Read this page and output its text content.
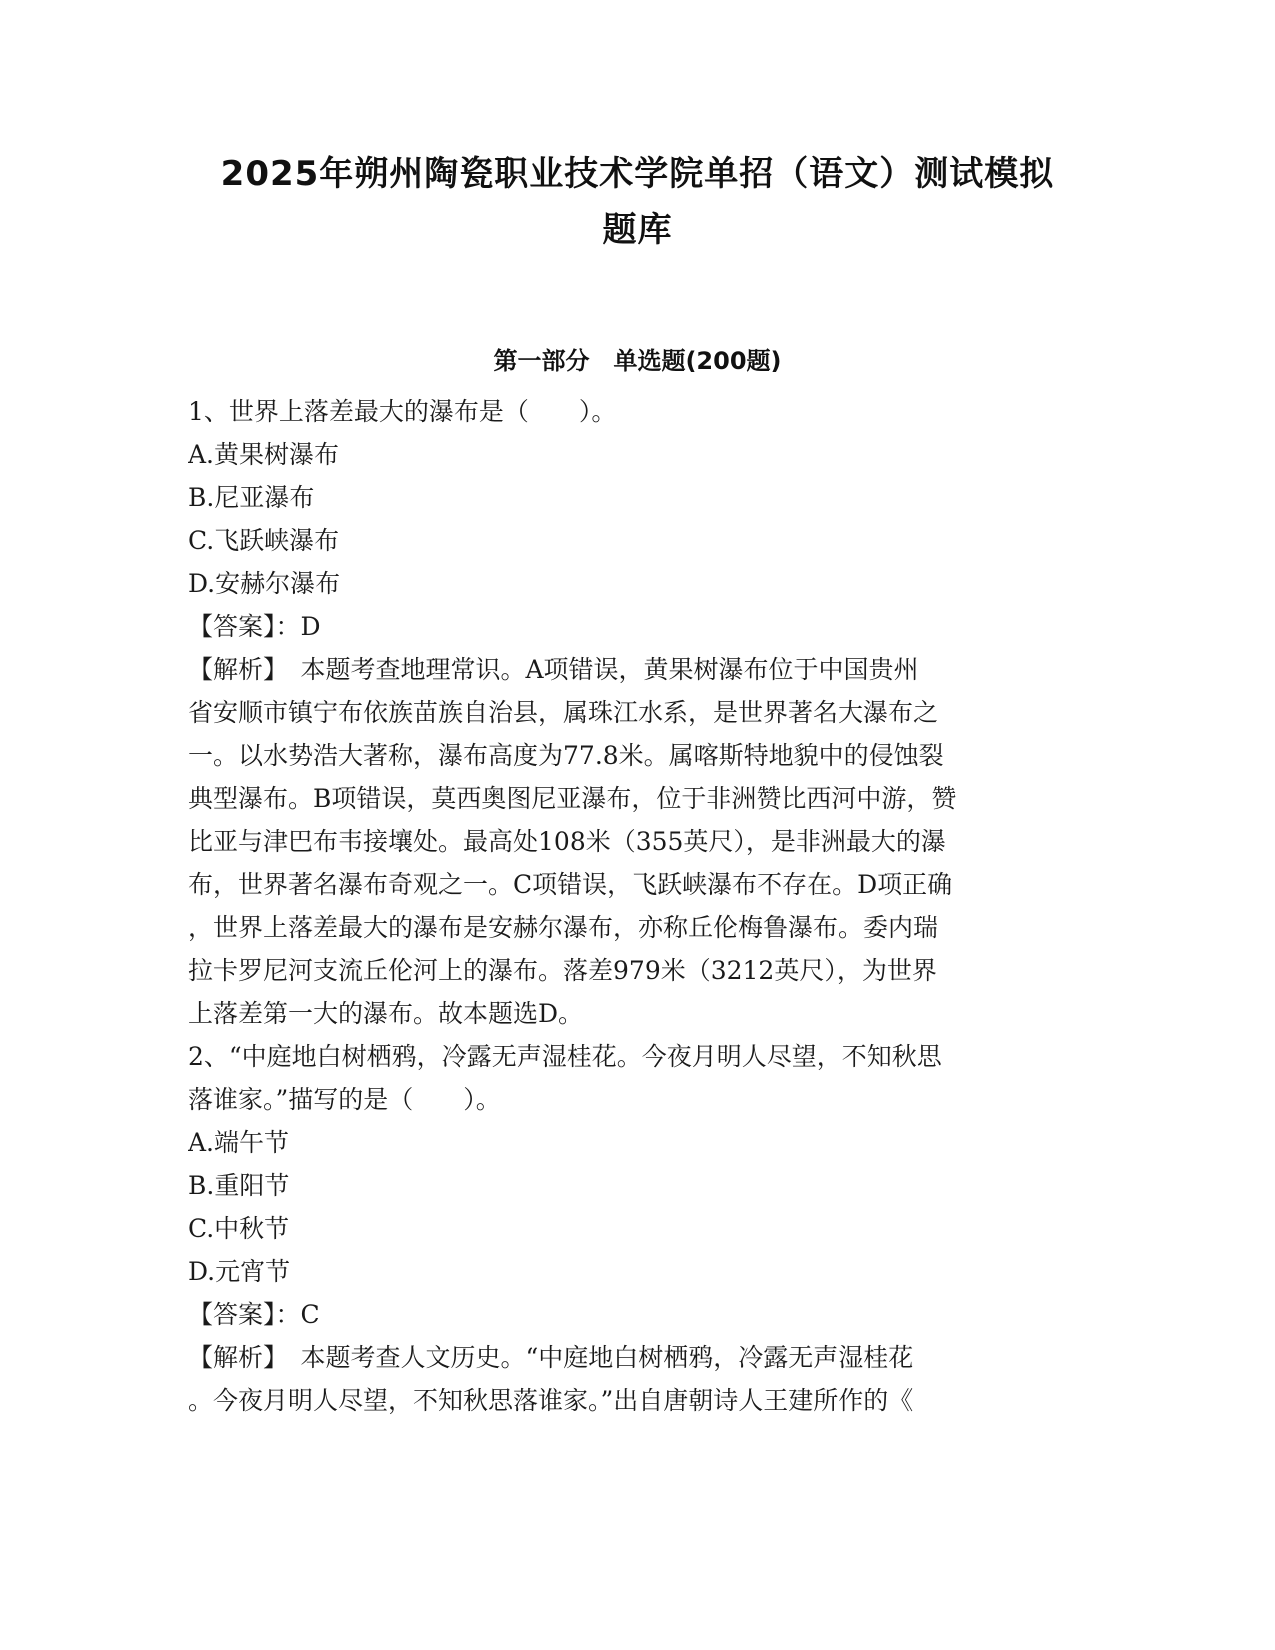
2025年朔州陶瓷职业技术学院单招（语文）测试模拟
题库
第一部分　单选题(200题)
1、世界上落差最大的瀑布是（　　）。
A.黄果树瀑布
B.尼亚瀑布
C.飞跃峡瀑布
D.安赫尔瀑布
【答案】：D
【解析】　本题考查地理常识。A项错误，黄果树瀑布位于中国贵州
省安顺市镇宁布依族苗族自治县，属珠江水系，是世界著名大瀑布之
一。以水势浩大著称，瀑布高度为77.8米。属喀斯特地貌中的侵蚀裂
典型瀑布。B项错误，莫西奥图尼亚瀑布，位于非洲赞比西河中游，赞
比亚与津巴布韦接壤处。最高处108米（355英尺），是非洲最大的瀑
布，世界著名瀑布奇观之一。C项错误，飞跃峡瀑布不存在。D项正确
，世界上落差最大的瀑布是安赫尔瀑布，亦称丘伦梅鲁瀑布。委内瑞
拉卡罗尼河支流丘伦河上的瀑布。落差979米（3212英尺），为世界
上落差第一大的瀑布。故本题选D。
2、“中庭地白树栖鸦，冷露无声湿桂花。今夜月明人尽望，不知秋思
落谁家。”描写的是（　　）。
A.端午节
B.重阳节
C.中秋节
D.元宵节
【答案】：C
【解析】　本题考查人文历史。“中庭地白树栖鸦，冷露无声湿桂花
。今夜月明人尽望，不知秋思落谁家。”出自唐朝诗人王建所作的《
